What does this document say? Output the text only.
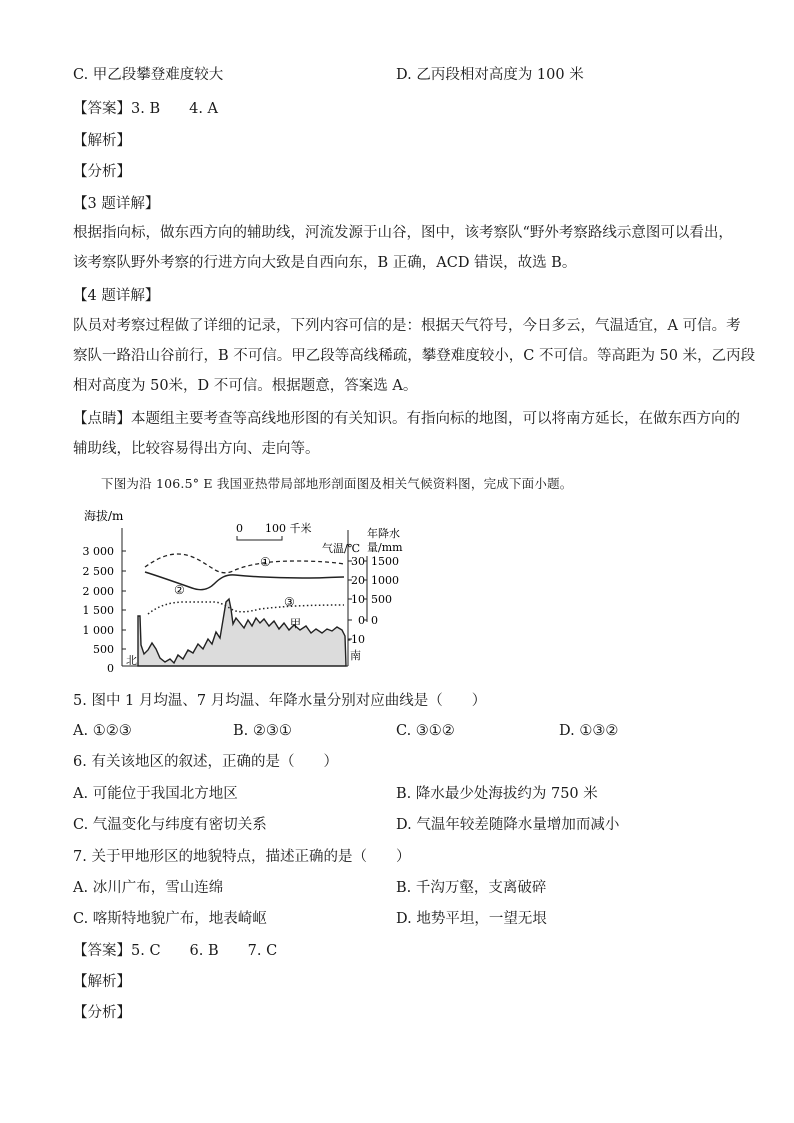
C. 甲乙段攀登难度较大	D. 乙丙段相对高度为 100 米
【答案】3. B　　4. A
【解析】
【分析】
【3 题详解】
根据指向标，做东西方向的辅助线，河流发源于山谷，图中，该考察队“野外考察路线示意图可以看出，
该考察队野外考察的行进方向大致是自西向东，B 正确，ACD 错误，故选 B。
【4 题详解】
队员对考察过程做了详细的记录，下列内容可信的是：根据天气符号，今日多云，气温适宜，A 可信。考
察队一路沿山谷前行，B 不可信。甲乙段等高线稀疏，攀登难度较小，C 不可信。等高距为 50 米，乙丙段
相对高度为 50米，D 不可信。根据题意，答案选 A。
【点睛】本题组主要考查等高线地形图的有关知识。有指向标的地图，可以将南方延长，在做东西方向的
辅助线，比较容易得出方向、走向等。
下图为沿 106.5° E 我国亚热带局部地形剖面图及相关气候资料图，完成下面小题。
海拔/m
3 000
2 500
2 000
1 500
1 000
500
0
0　　100 千米	年降水
量/mm
气温/℃
30
20
10
0
-10
1500
1000
500
0
甲
北	南
①
②
③
5. 图中 1 月均温、7 月均温、年降水量分别对应曲线是（　　）
A. ①②③	B. ②③①	C. ③①②	D. ①③②
6. 有关该地区的叙述，正确的是（　　）
A. 可能位于我国北方地区	B. 降水最少处海拔约为 750 米
C. 气温变化与纬度有密切关系	D. 气温年较差随降水量增加而减小
7. 关于甲地形区的地貌特点，描述正确的是（　　）
A. 冰川广布，雪山连绵	B. 千沟万壑，支离破碎
C. 喀斯特地貌广布，地表崎岖	D. 地势平坦，一望无垠
【答案】5. C　　6. B　　7. C
【解析】
【分析】
